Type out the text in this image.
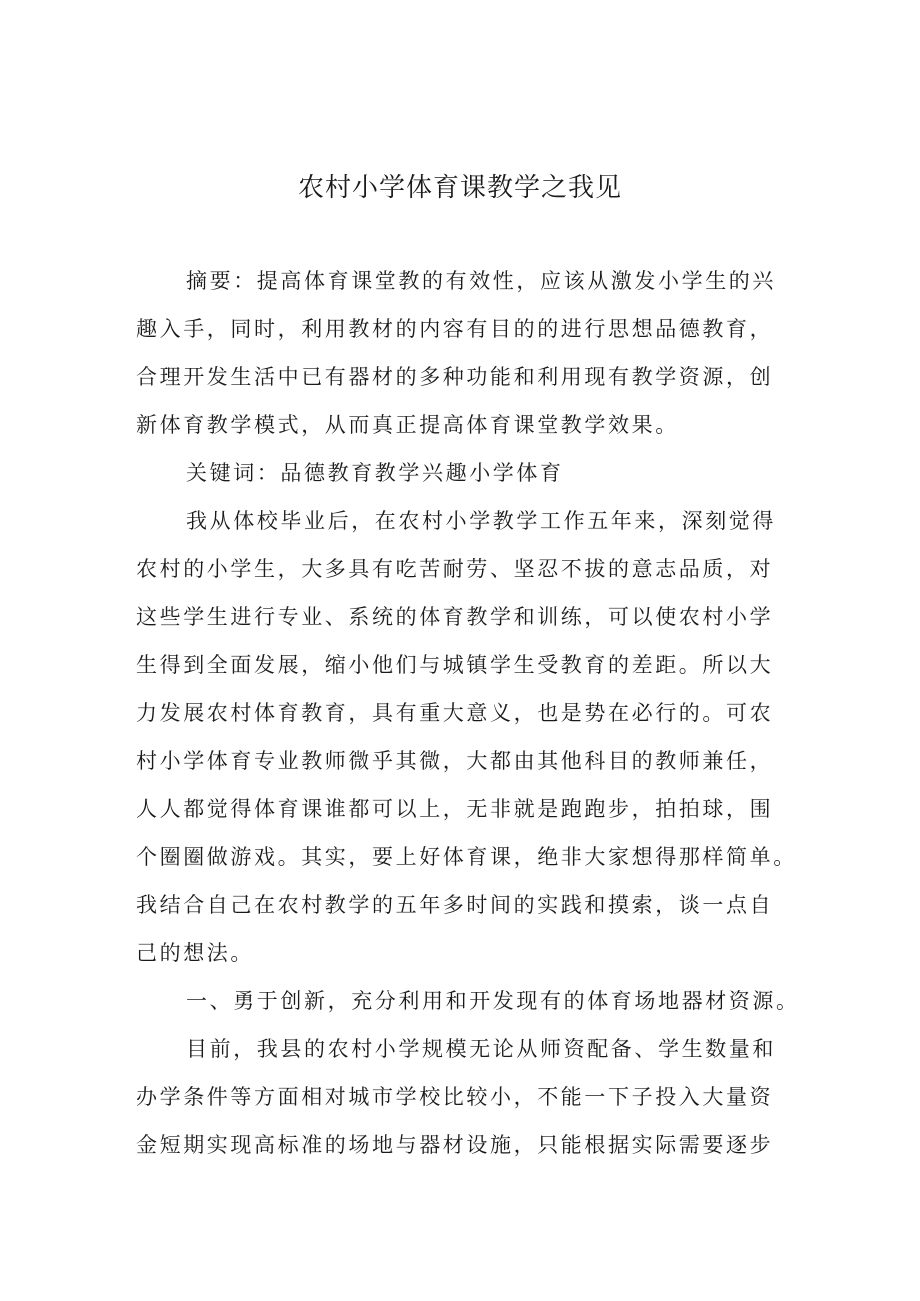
农村小学体育课教学之我见
摘要：提高体育课堂教的有效性，应该从激发小学生的兴
趣入手，同时，利用教材的内容有目的的进行思想品德教育，
合理开发生活中已有器材的多种功能和利用现有教学资源，创
新体育教学模式，从而真正提高体育课堂教学效果。
关键词：品德教育教学兴趣小学体育
我从体校毕业后，在农村小学教学工作五年来，深刻觉得
农村的小学生，大多具有吃苦耐劳、坚忍不拔的意志品质，对
这些学生进行专业、系统的体育教学和训练，可以使农村小学
生得到全面发展，缩小他们与城镇学生受教育的差距。所以大
力发展农村体育教育，具有重大意义，也是势在必行的。可农
村小学体育专业教师微乎其微，大都由其他科目的教师兼任，
人人都觉得体育课谁都可以上，无非就是跑跑步，拍拍球，围
个圈圈做游戏。其实，要上好体育课，绝非大家想得那样简单。
我结合自己在农村教学的五年多时间的实践和摸索，谈一点自
己的想法。
一、勇于创新，充分利用和开发现有的体育场地器材资源。
目前，我县的农村小学规模无论从师资配备、学生数量和
办学条件等方面相对城市学校比较小，不能一下子投入大量资
金短期实现高标准的场地与器材设施，只能根据实际需要逐步
